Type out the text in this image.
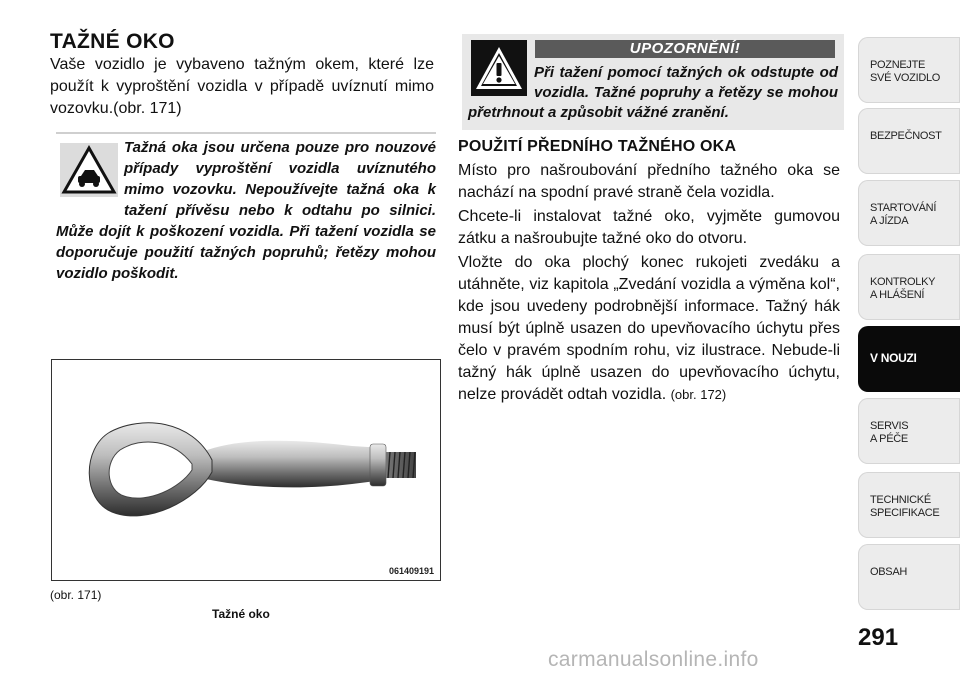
TAŽNÉ OKO
Vaše vozidlo je vybaveno tažným okem, které lze použít k vyproštění vozidla v případě uvíznutí mimo vozovku.(obr. 171)
Tažná oka jsou určena pouze pro nouzové případy vyproštění vozidla uvíznutého mimo vozovku. Nepoužívejte tažná oka k tažení přívěsu nebo k odtahu po silnici. Může dojít k poškození vozidla. Při tažení vozidla se doporučuje použití tažných popruhů; řetězy mohou vozidlo poškodit.
061409191
(obr. 171)
Tažné oko
UPOZORNĚNÍ!
Při tažení pomocí tažných ok odstupte od vozidla. Tažné popruhy a řetězy se mohou přetrhnout a způsobit vážné zranění.
POUŽITÍ PŘEDNÍHO TAŽNÉHO OKA
Místo pro našroubování předního tažného oka se nachází na spodní pravé straně čela vozidla.
Chcete-li instalovat tažné oko, vyjměte gumovou zátku a našroubujte tažné oko do otvoru.
Vložte do oka plochý konec rukojeti zvedáku a utáhněte, viz kapitola „Zvedání vozidla a výměna kol“, kde jsou uvedeny podrobnější informace. Tažný hák musí být úplně usazen do upevňovacího úchytu přes čelo v pravém spodním rohu, viz ilustrace. Nebude-li tažný hák úplně usazen do upevňovacího úchytu, nelze provádět odtah vozidla. (obr. 172)
POZNEJTE
SVÉ VOZIDLO
BEZPEČNOST
STARTOVÁNÍ
A JÍZDA
KONTROLKY
A HLÁŠENÍ
V NOUZI
SERVIS
A PÉČE
TECHNICKÉ
SPECIFIKACE
OBSAH
291
carmanualsonline.info
